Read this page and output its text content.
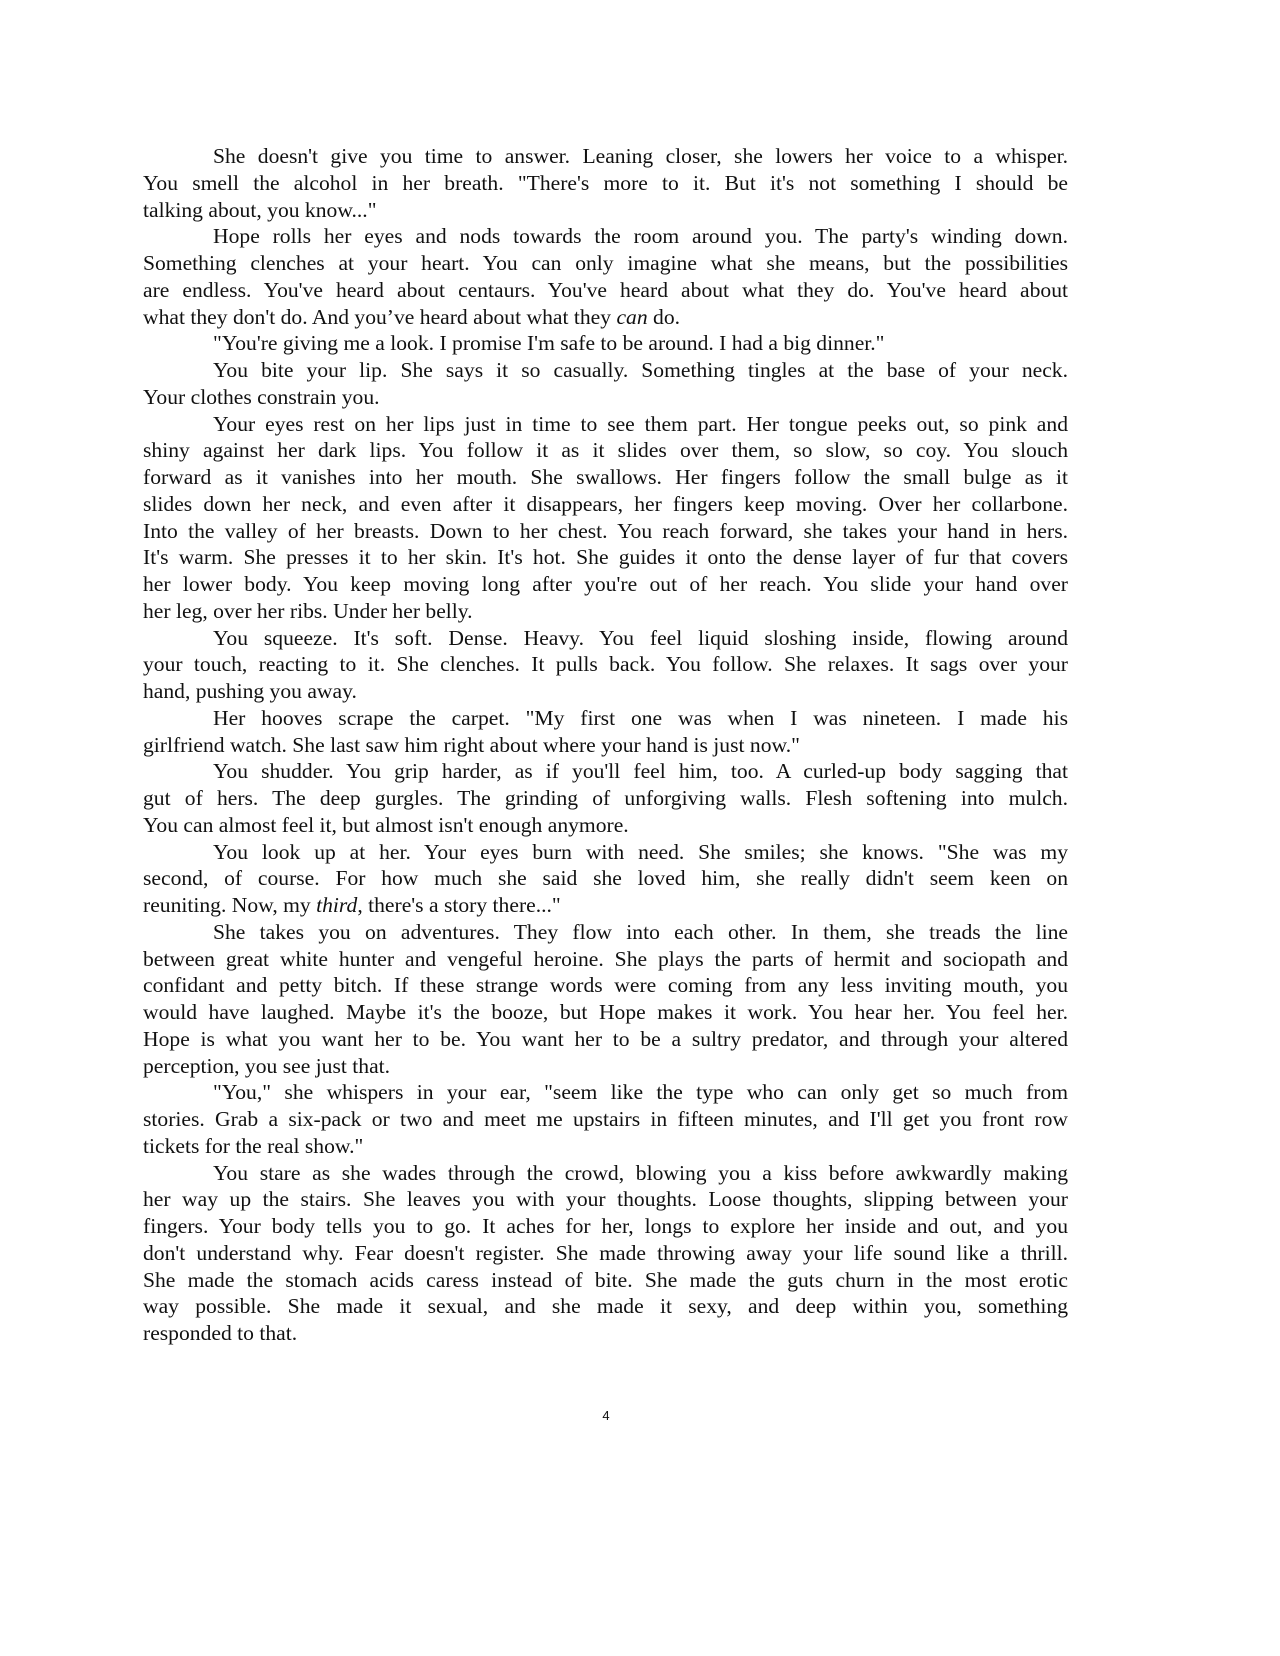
She doesn't give you time to answer. Leaning closer, she lowers her voice to a whisper.
You smell the alcohol in her breath. "There's more to it. But it's not something I should be
talking about, you know..."
Hope rolls her eyes and nods towards the room around you. The party's winding down.
Something clenches at your heart. You can only imagine what she means, but the possibilities
are endless. You've heard about centaurs. You've heard about what they do. You've heard about
what they don't do. And you’ve heard about what they can do.
"You're giving me a look. I promise I'm safe to be around. I had a big dinner."
You bite your lip. She says it so casually. Something tingles at the base of your neck.
Your clothes constrain you.
Your eyes rest on her lips just in time to see them part. Her tongue peeks out, so pink and
shiny against her dark lips. You follow it as it slides over them, so slow, so coy. You slouch
forward as it vanishes into her mouth. She swallows. Her fingers follow the small bulge as it
slides down her neck, and even after it disappears, her fingers keep moving. Over her collarbone.
Into the valley of her breasts. Down to her chest. You reach forward, she takes your hand in hers.
It's warm. She presses it to her skin. It's hot. She guides it onto the dense layer of fur that covers
her lower body. You keep moving long after you're out of her reach. You slide your hand over
her leg, over her ribs. Under her belly.
You squeeze. It's soft. Dense. Heavy. You feel liquid sloshing inside, flowing around
your touch, reacting to it. She clenches. It pulls back. You follow. She relaxes. It sags over your
hand, pushing you away.
Her hooves scrape the carpet. "My first one was when I was nineteen. I made his
girlfriend watch. She last saw him right about where your hand is just now."
You shudder. You grip harder, as if you'll feel him, too. A curled-up body sagging that
gut of hers. The deep gurgles. The grinding of unforgiving walls. Flesh softening into mulch.
You can almost feel it, but almost isn't enough anymore.
You look up at her. Your eyes burn with need. She smiles; she knows. "She was my
second, of course. For how much she said she loved him, she really didn't seem keen on
reuniting. Now, my third, there's a story there..."
She takes you on adventures. They flow into each other. In them, she treads the line
between great white hunter and vengeful heroine. She plays the parts of hermit and sociopath and
confidant and petty bitch. If these strange words were coming from any less inviting mouth, you
would have laughed. Maybe it's the booze, but Hope makes it work. You hear her. You feel her.
Hope is what you want her to be. You want her to be a sultry predator, and through your altered
perception, you see just that.
"You," she whispers in your ear, "seem like the type who can only get so much from
stories. Grab a six-pack or two and meet me upstairs in fifteen minutes, and I'll get you front row
tickets for the real show."
You stare as she wades through the crowd, blowing you a kiss before awkwardly making
her way up the stairs. She leaves you with your thoughts. Loose thoughts, slipping between your
fingers. Your body tells you to go. It aches for her, longs to explore her inside and out, and you
don't understand why. Fear doesn't register. She made throwing away your life sound like a thrill.
She made the stomach acids caress instead of bite. She made the guts churn in the most erotic
way possible. She made it sexual, and she made it sexy, and deep within you, something
responded to that.
4
